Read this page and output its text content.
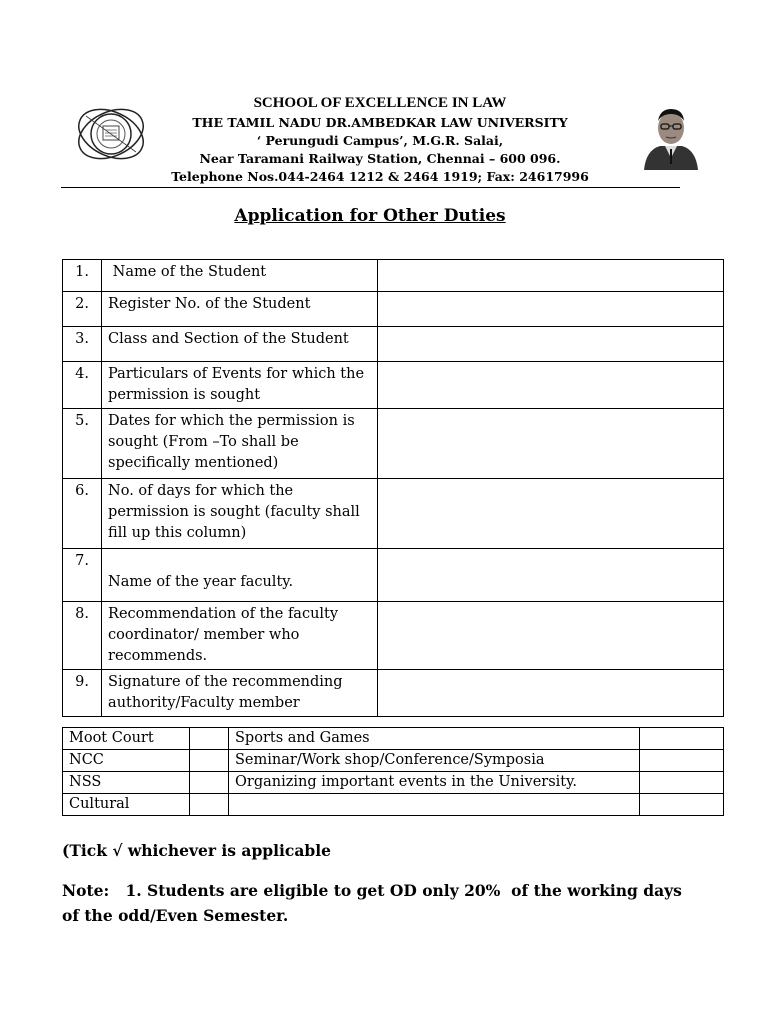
SCHOOL OF EXCELLENCE IN LAW
THE TAMIL NADU DR.AMBEDKAR LAW UNIVERSITY
‘ Perungudi Campus’, M.G.R. Salai,
Near Taramani Railway Station, Chennai – 600 096.
Telephone Nos.044-2464 1212 & 2464 1919; Fax: 24617996
Application for Other Duties
1.	Name of the Student	
2.	Register No. of the Student	
3.	Class and Section of the Student	
4.	Particulars of Events for which the permission is sought	
5.	Dates for which the permission is sought (From –To shall be specifically mentioned)	
6.	No. of days for which the permission is sought (faculty shall fill up this column)	
7.	Name of the year faculty.	

8.	Recommendation of the faculty coordinator/ member who recommends.	
9.	Signature of the recommending authority/Faculty member	
Moot Court		Sports and Games	
NCC		Seminar/Work shop/Conference/Symposia	
NSS		Organizing important events in the University.	
Cultural			
(Tick √ whichever is applicable
Note:   1. Students are eligible to get OD only 20%  of the working days of the odd/Even Semester.
